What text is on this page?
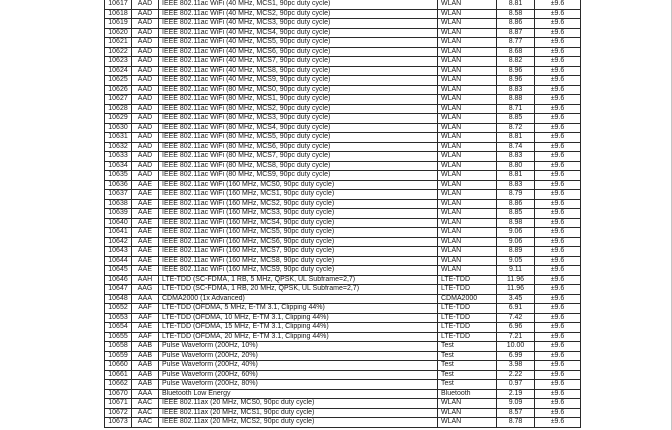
10617	AAD	IEEE 802.11ac WiFi (40 MHz, MCS1, 90pc duty cycle)	WLAN	8.81	±9.6
10618	AAD	IEEE 802.11ac WiFi (40 MHz, MCS2, 90pc duty cycle)	WLAN	8.58	±9.6
10619	AAD	IEEE 802.11ac WiFi (40 MHz, MCS3, 90pc duty cycle)	WLAN	8.86	±9.6
10620	AAD	IEEE 802.11ac WiFi (40 MHz, MCS4, 90pc duty cycle)	WLAN	8.87	±9.6
10621	AAD	IEEE 802.11ac WiFi (40 MHz, MCS5, 90pc duty cycle)	WLAN	8.77	±9.6
10622	AAD	IEEE 802.11ac WiFi (40 MHz, MCS6, 90pc duty cycle)	WLAN	8.68	±9.6
10623	AAD	IEEE 802.11ac WiFi (40 MHz, MCS7, 90pc duty cycle)	WLAN	8.82	±9.6
10624	AAD	IEEE 802.11ac WiFi (40 MHz, MCS8, 90pc duty cycle)	WLAN	8.96	±9.6
10625	AAD	IEEE 802.11ac WiFi (40 MHz, MCS9, 90pc duty cycle)	WLAN	8.96	±9.6
10626	AAD	IEEE 802.11ac WiFi (80 MHz, MCS0, 90pc duty cycle)	WLAN	8.83	±9.6
10627	AAD	IEEE 802.11ac WiFi (80 MHz, MCS1, 90pc duty cycle)	WLAN	8.88	±9.6
10628	AAD	IEEE 802.11ac WiFi (80 MHz, MCS2, 90pc duty cycle)	WLAN	8.71	±9.6
10629	AAD	IEEE 802.11ac WiFi (80 MHz, MCS3, 90pc duty cycle)	WLAN	8.85	±9.6
10630	AAD	IEEE 802.11ac WiFi (80 MHz, MCS4, 90pc duty cycle)	WLAN	8.72	±9.6
10631	AAD	IEEE 802.11ac WiFi (80 MHz, MCS5, 90pc duty cycle)	WLAN	8.81	±9.6
10632	AAD	IEEE 802.11ac WiFi (80 MHz, MCS6, 90pc duty cycle)	WLAN	8.74	±9.6
10633	AAD	IEEE 802.11ac WiFi (80 MHz, MCS7, 90pc duty cycle)	WLAN	8.83	±9.6
10634	AAD	IEEE 802.11ac WiFi (80 MHz, MCS8, 90pc duty cycle)	WLAN	8.80	±9.6
10635	AAD	IEEE 802.11ac WiFi (80 MHz, MCS9, 90pc duty cycle)	WLAN	8.81	±9.6
10636	AAE	IEEE 802.11ac WiFi (160 MHz, MCS0, 90pc duty cycle)	WLAN	8.83	±9.6
10637	AAE	IEEE 802.11ac WiFi (160 MHz, MCS1, 90pc duty cycle)	WLAN	8.79	±9.6
10638	AAE	IEEE 802.11ac WiFi (160 MHz, MCS2, 90pc duty cycle)	WLAN	8.86	±9.6
10639	AAE	IEEE 802.11ac WiFi (160 MHz, MCS3, 90pc duty cycle)	WLAN	8.85	±9.6
10640	AAE	IEEE 802.11ac WiFi (160 MHz, MCS4, 90pc duty cycle)	WLAN	8.98	±9.6
10641	AAE	IEEE 802.11ac WiFi (160 MHz, MCS5, 90pc duty cycle)	WLAN	9.06	±9.6
10642	AAE	IEEE 802.11ac WiFi (160 MHz, MCS6, 90pc duty cycle)	WLAN	9.06	±9.6
10643	AAE	IEEE 802.11ac WiFi (160 MHz, MCS7, 90pc duty cycle)	WLAN	8.89	±9.6
10644	AAE	IEEE 802.11ac WiFi (160 MHz, MCS8, 90pc duty cycle)	WLAN	9.05	±9.6
10645	AAE	IEEE 802.11ac WiFi (160 MHz, MCS9, 90pc duty cycle)	WLAN	9.11	±9.6
10646	AAH	LTE-TDD (SC-FDMA, 1 RB, 5 MHz, QPSK, UL Subframe=2,7)	LTE-TDD	11.96	±9.6
10647	AAG	LTE-TDD (SC-FDMA, 1 RB, 20 MHz, QPSK, UL Subframe=2,7)	LTE-TDD	11.96	±9.6
10648	AAA	CDMA2000 (1x Advanced)	CDMA2000	3.45	±9.6
10652	AAF	LTE-TDD (OFDMA, 5 MHz, E-TM 3.1, Clipping 44%)	LTE-TDD	6.91	±9.6
10653	AAF	LTE-TDD (OFDMA, 10 MHz, E-TM 3.1, Clipping 44%)	LTE-TDD	7.42	±9.6
10654	AAE	LTE-TDD (OFDMA, 15 MHz, E-TM 3.1, Clipping 44%)	LTE-TDD	6.96	±9.6
10655	AAF	LTE-TDD (OFDMA, 20 MHz, E-TM 3.1, Clipping 44%)	LTE-TDD	7.21	±9.6
10658	AAB	Pulse Waveform (200Hz, 10%)	Test	10.00	±9.6
10659	AAB	Pulse Waveform (200Hz, 20%)	Test	6.99	±9.6
10660	AAB	Pulse Waveform (200Hz, 40%)	Test	3.98	±9.6
10661	AAB	Pulse Waveform (200Hz, 60%)	Test	2.22	±9.6
10662	AAB	Pulse Waveform (200Hz, 80%)	Test	0.97	±9.6
10670	AAA	Bluetooth Low Energy	Bluetooth	2.19	±9.6
10671	AAC	IEEE 802.11ax (20 MHz, MCS0, 90pc duty cycle)	WLAN	9.09	±9.6
10672	AAC	IEEE 802.11ax (20 MHz, MCS1, 90pc duty cycle)	WLAN	8.57	±9.6
10673	AAC	IEEE 802.11ax (20 MHz, MCS2, 90pc duty cycle)	WLAN	8.78	±9.6
